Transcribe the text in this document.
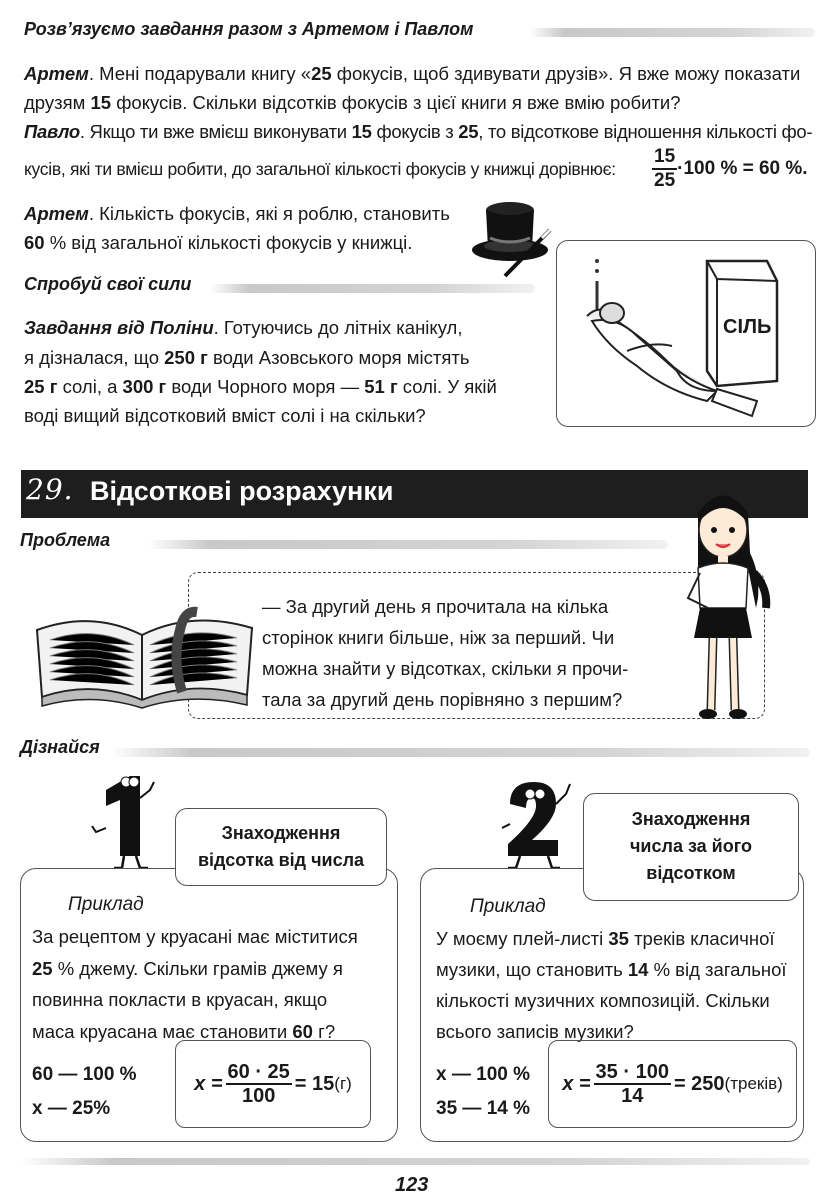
Розв’язуємо завдання разом з Артемом і Павлом
Артем. Мені подарували книгу «25 фокусів, щоб здивувати друзів». Я вже можу показати
друзям 15 фокусів. Скільки відсотків фокусів з цієї книги я вже вмію робити?
Павло. Якщо ти вже вмієш виконувати 15 фокусів з 25, то відсоткове відношення кількості фо-
кусів, які ти вмієш робити, до загальної кількості фокусів у книжці дорівнює: $\frac{15}{25} \cdot 100$ % = 60 %.
Артем. Кількість фокусів, які я роблю, становить
60 % від загальної кількості фокусів у книжці.
Спробуй свої сили
Завдання від Поліни. Готуючись до літніх канікул,
я дізналася, що 250 г води Азовського моря містять
25 г солі, а 300 г води Чорного моря — 51 г солі. У якій
воді вищий відсотковий вміст солі і на скільки?
СІЛЬ
29. Відсоткові розрахунки
Проблема
— За другий день я прочитала на кілька
сторінок книги більше, ніж за перший. Чи
можна знайти у відсотках, скільки я прочи-
тала за другий день порівняно з першим?
Дізнайся
1	2
Знаходження
відсотка від числа
Приклад
За рецептом у круасані має міститися
25 % джему. Скільки грамів джему я
повинна покласти в круасан, якщо
маса круасана має становити 60 г?
60 — 100 %
x — 25%
$x = \frac{60 \cdot 25}{100} = 15$ (г)
Знаходження
числа за його
відсотком
Приклад
У моєму плей-листі 35 треків класичної
музики, що становить 14 % від загальної
кількості музичних композицій. Скільки
всього записів музики?
x — 100 %
35 — 14 %
$x = \frac{35 \cdot 100}{14} = 250$ (треків)
123
